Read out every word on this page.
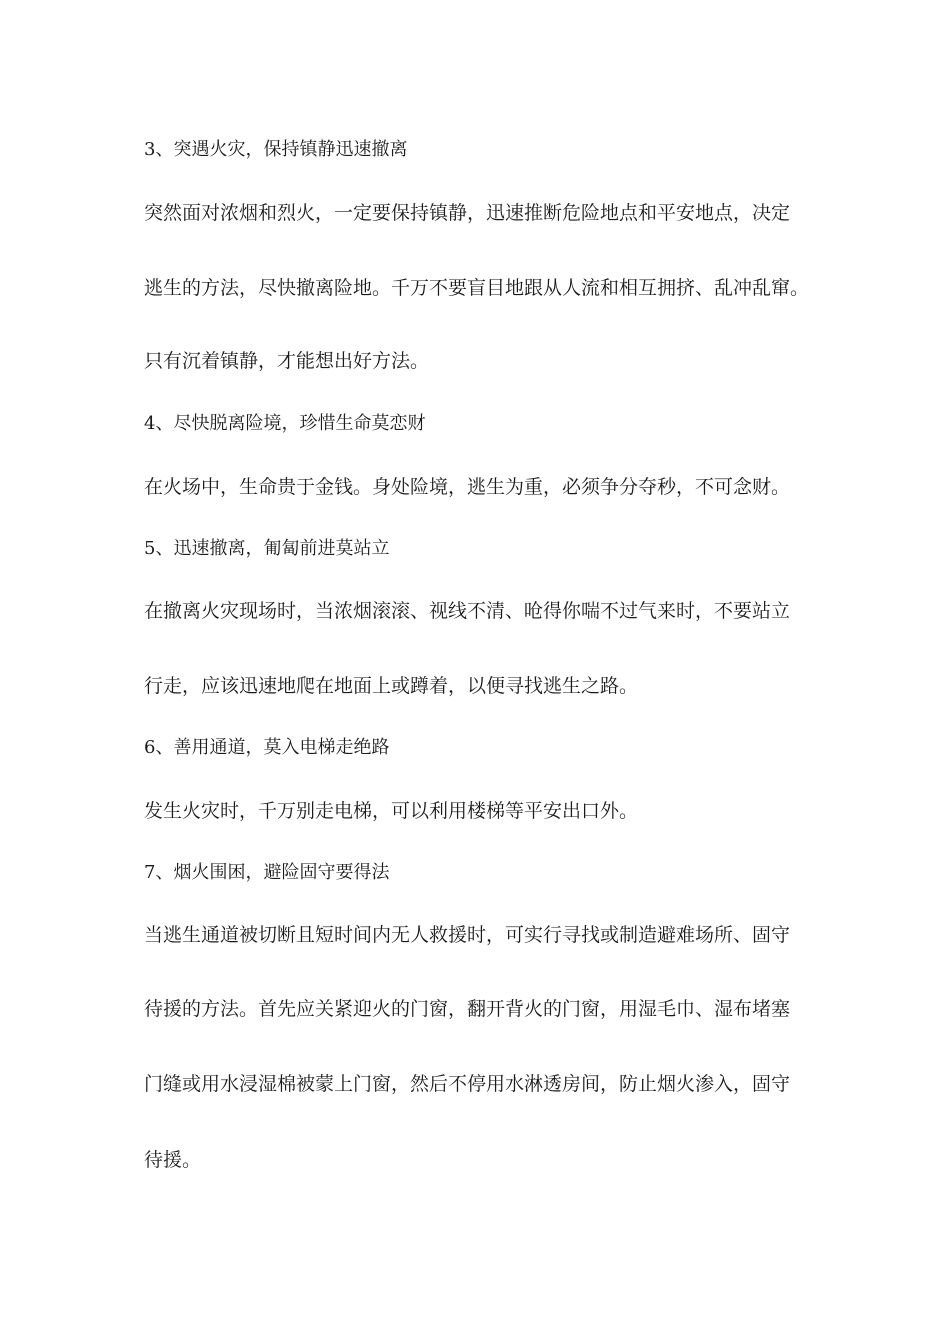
3、突遇火灾，保持镇静迅速撤离

突然面对浓烟和烈火，一定要保持镇静，迅速推断危险地点和平安地点，决定

逃生的方法，尽快撤离险地。千万不要盲目地跟从人流和相互拥挤、乱冲乱窜。

只有沉着镇静，才能想出好方法。

4、尽快脱离险境，珍惜生命莫恋财

在火场中，生命贵于金钱。身处险境，逃生为重，必须争分夺秒，不可念财。

5、迅速撤离，匍匐前进莫站立

在撤离火灾现场时，当浓烟滚滚、视线不清、呛得你喘不过气来时，不要站立

行走，应该迅速地爬在地面上或蹲着，以便寻找逃生之路。

6、善用通道，莫入电梯走绝路

发生火灾时，千万别走电梯，可以利用楼梯等平安出口外。

7、烟火围困，避险固守要得法

当逃生通道被切断且短时间内无人救援时，可实行寻找或制造避难场所、固守

待援的方法。首先应关紧迎火的门窗，翻开背火的门窗，用湿毛巾、湿布堵塞

门缝或用水浸湿棉被蒙上门窗，然后不停用水淋透房间，防止烟火渗入，固守

待援。
